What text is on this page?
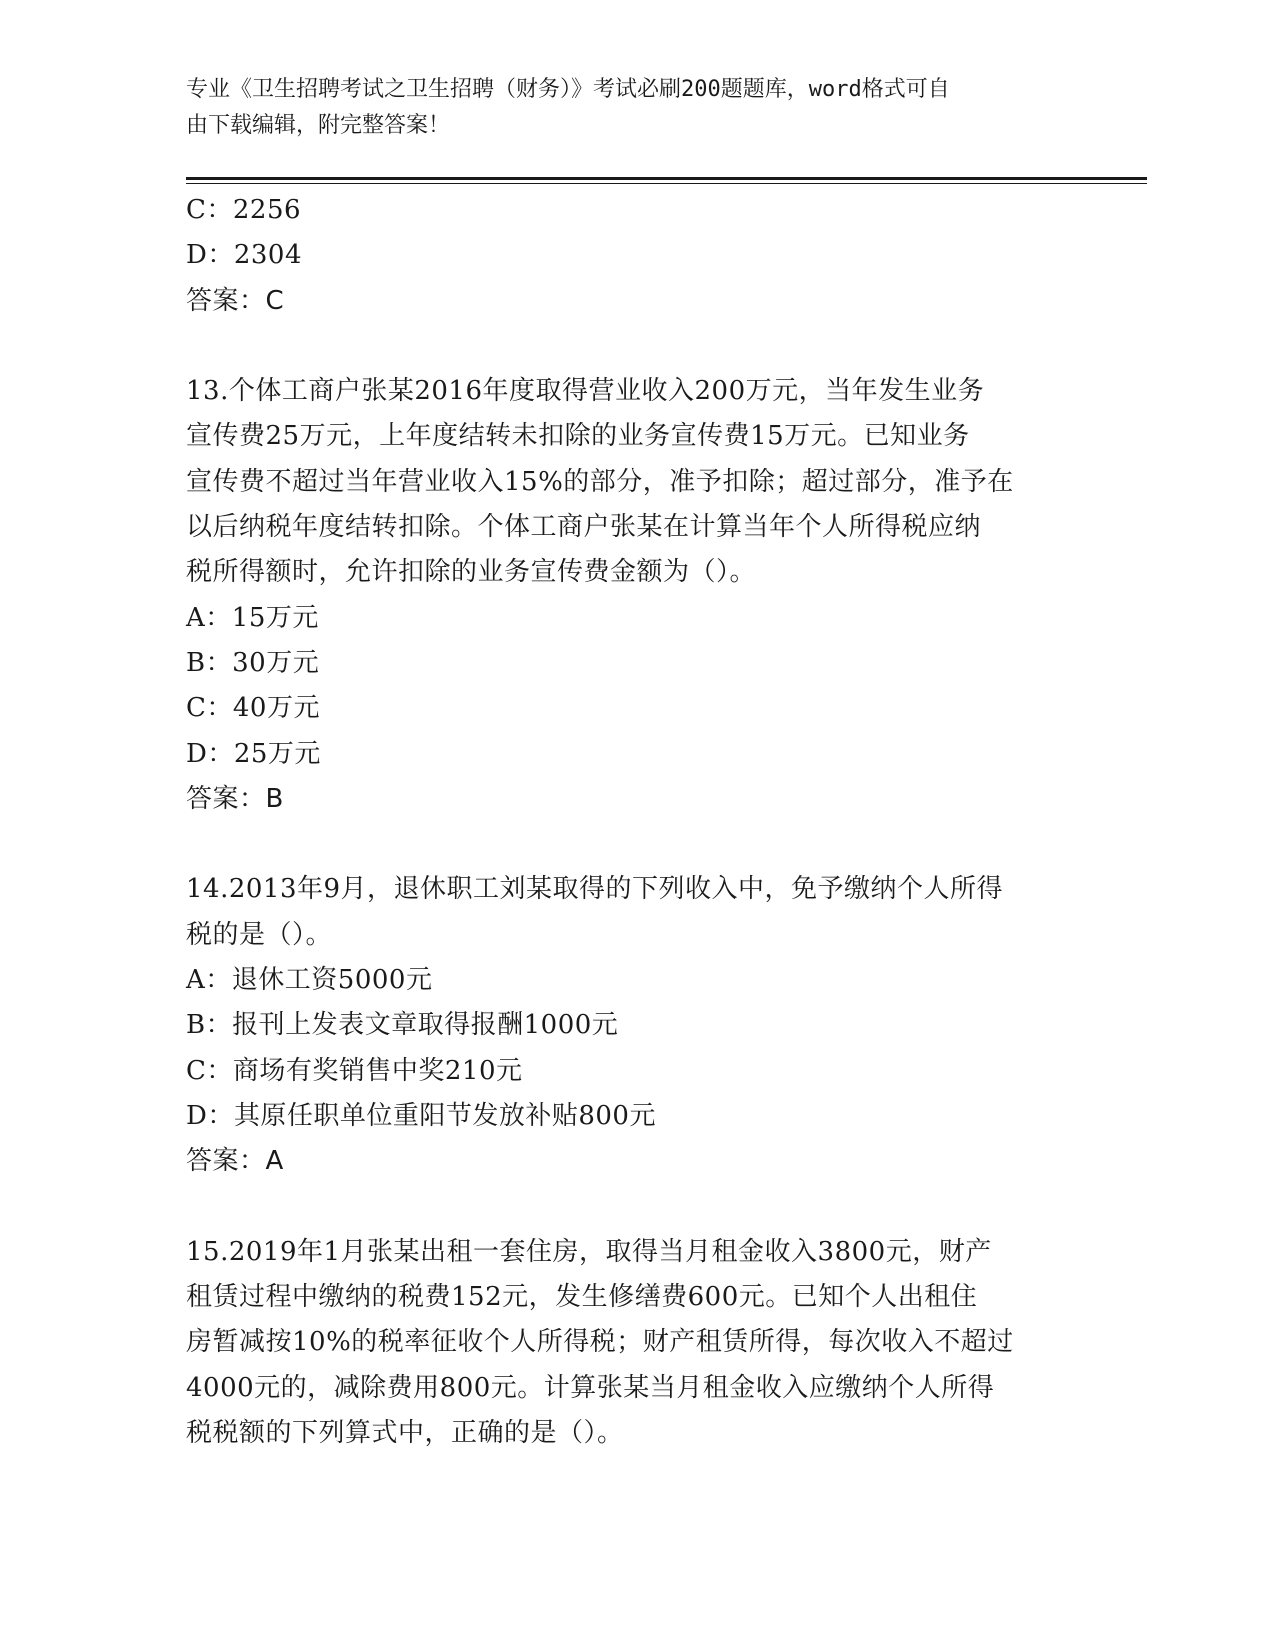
专业《卫生招聘考试之卫生招聘（财务）》考试必刷200题题库，word格式可自
由下载编辑，附完整答案！
C：2256
D：2304
答案：C
13.个体工商户张某2016年度取得营业收入200万元，当年发生业务
宣传费25万元，上年度结转未扣除的业务宣传费15万元。已知业务
宣传费不超过当年营业收入15%的部分，准予扣除；超过部分，准予在
以后纳税年度结转扣除。个体工商户张某在计算当年个人所得税应纳
税所得额时，允许扣除的业务宣传费金额为（）。
A：15万元
B：30万元
C：40万元
D：25万元
答案：B
14.2013年9月，退休职工刘某取得的下列收入中，免予缴纳个人所得
税的是（）。
A：退休工资5000元
B：报刊上发表文章取得报酬1000元
C：商场有奖销售中奖210元
D：其原任职单位重阳节发放补贴800元
答案：A
15.2019年1月张某出租一套住房，取得当月租金收入3800元，财产
租赁过程中缴纳的税费152元，发生修缮费600元。已知个人出租住
房暂减按10%的税率征收个人所得税；财产租赁所得，每次收入不超过
4000元的，减除费用800元。计算张某当月租金收入应缴纳个人所得
税税额的下列算式中，正确的是（）。
